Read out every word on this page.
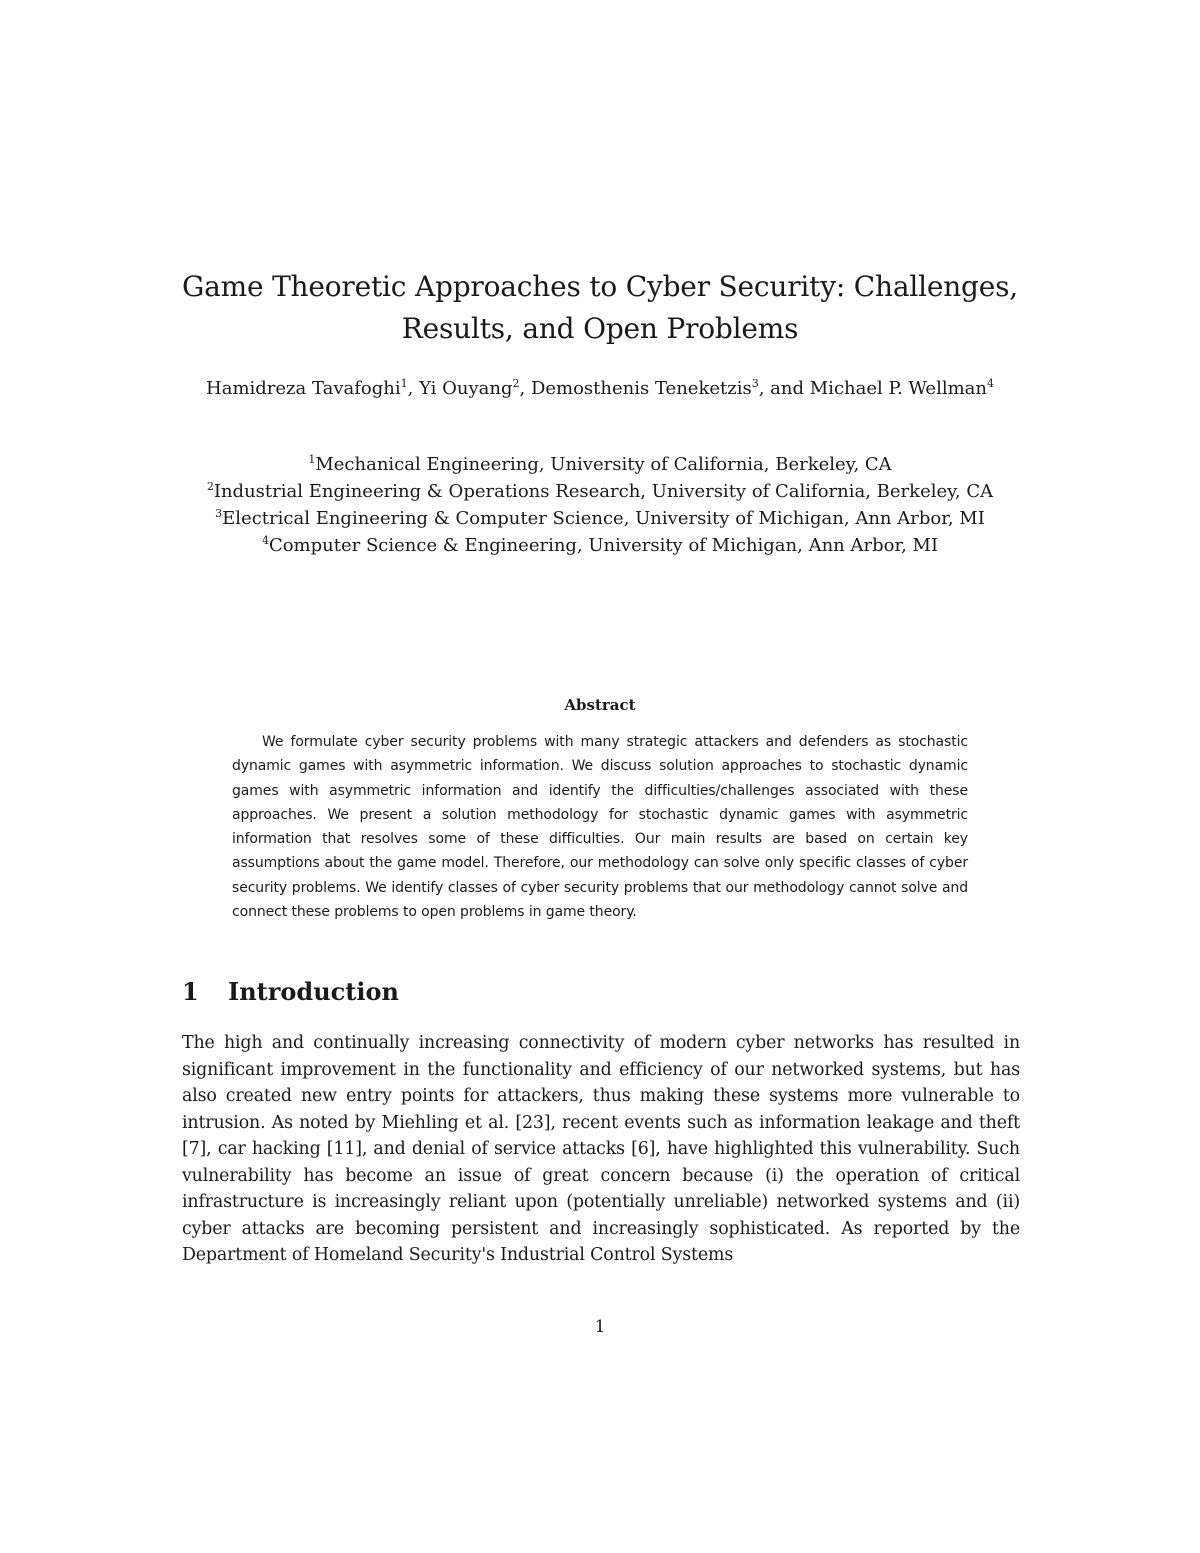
Game Theoretic Approaches to Cyber Security: Challenges, Results, and Open Problems

Hamidreza Tavafoghi$^1$, Yi Ouyang$^2$, Demosthenis Teneketzis$^3$, and Michael P. Wellman$^4$

$^1$Mechanical Engineering, University of California, Berkeley, CA
$^2$Industrial Engineering & Operations Research, University of California, Berkeley, CA
$^3$Electrical Engineering & Computer Science, University of Michigan, Ann Arbor, MI
$^4$Computer Science & Engineering, University of Michigan, Ann Arbor, MI
Abstract

We formulate cyber security problems with many strategic attackers and defenders as stochastic dynamic games with asymmetric information. We discuss solution approaches to stochastic dynamic games with asymmetric information and identify the difficulties/challenges associated with these approaches. We present a solution methodology for stochastic dynamic games with asymmetric information that resolves some of these difficulties. Our main results are based on certain key assumptions about the game model. Therefore, our methodology can solve only specific classes of cyber security problems. We identify classes of cyber security problems that our methodology cannot solve and connect these problems to open problems in game theory.

1 Introduction

The high and continually increasing connectivity of modern cyber networks has resulted in significant improvement in the functionality and efficiency of our networked systems, but has also created new entry points for attackers, thus making these systems more vulnerable to intrusion. As noted by Miehling et al. [23], recent events such as information leakage and theft [7], car hacking [11], and denial of service attacks [6], have highlighted this vulnerability. Such vulnerability has become an issue of great concern because (i) the operation of critical infrastructure is increasingly reliant upon (potentially unreliable) networked systems and (ii) cyber attacks are becoming persistent and increasingly sophisticated. As reported by the Department of Homeland Security's Industrial Control Systems

1
